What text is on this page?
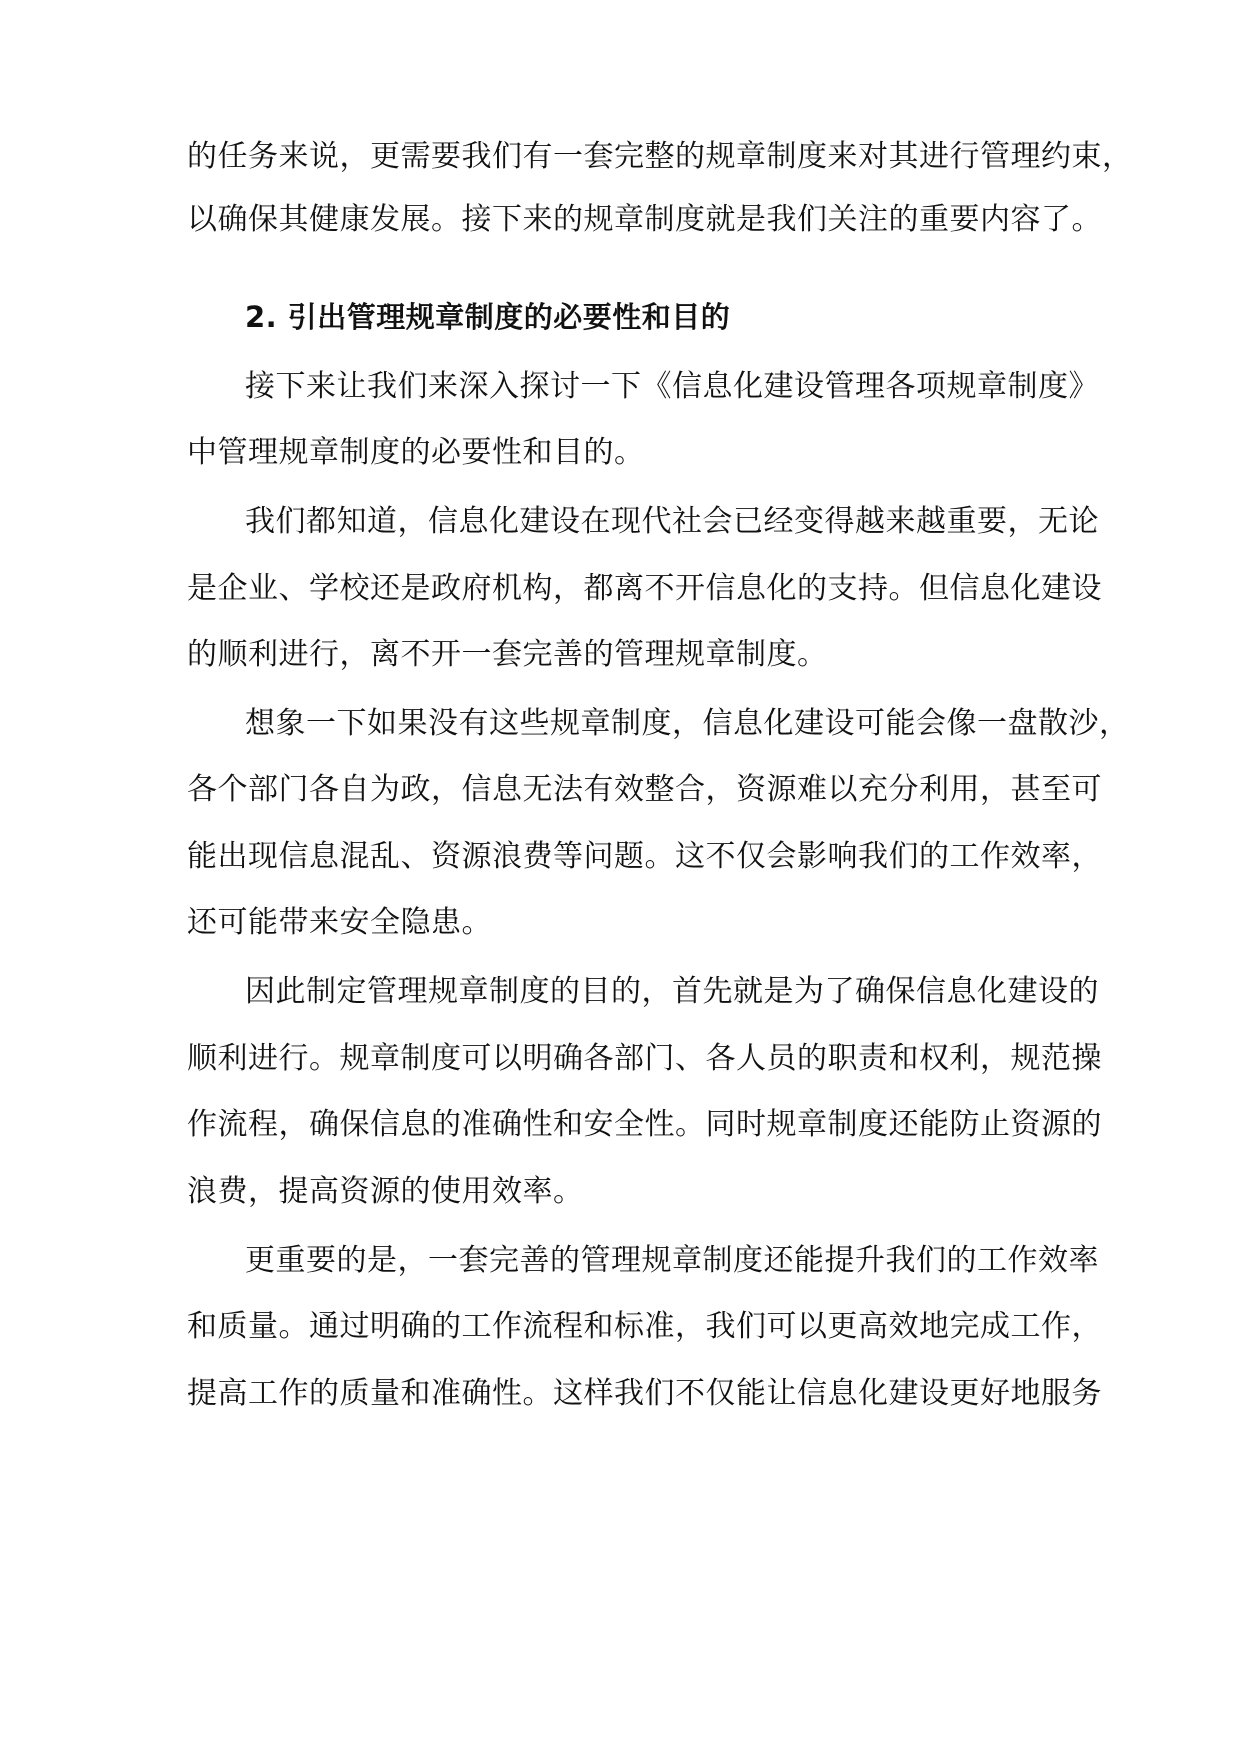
的任务来说，更需要我们有一套完整的规章制度来对其进行管理约束，
以确保其健康发展。接下来的规章制度就是我们关注的重要内容了。
2. 引出管理规章制度的必要性和目的
接下来让我们来深入探讨一下《信息化建设管理各项规章制度》
中管理规章制度的必要性和目的。
我们都知道，信息化建设在现代社会已经变得越来越重要，无论
是企业、学校还是政府机构，都离不开信息化的支持。但信息化建设
的顺利进行，离不开一套完善的管理规章制度。
想象一下如果没有这些规章制度，信息化建设可能会像一盘散沙，
各个部门各自为政，信息无法有效整合，资源难以充分利用，甚至可
能出现信息混乱、资源浪费等问题。这不仅会影响我们的工作效率，
还可能带来安全隐患。
因此制定管理规章制度的目的，首先就是为了确保信息化建设的
顺利进行。规章制度可以明确各部门、各人员的职责和权利，规范操
作流程，确保信息的准确性和安全性。同时规章制度还能防止资源的
浪费，提高资源的使用效率。
更重要的是，一套完善的管理规章制度还能提升我们的工作效率
和质量。通过明确的工作流程和标准，我们可以更高效地完成工作，
提高工作的质量和准确性。这样我们不仅能让信息化建设更好地服务
